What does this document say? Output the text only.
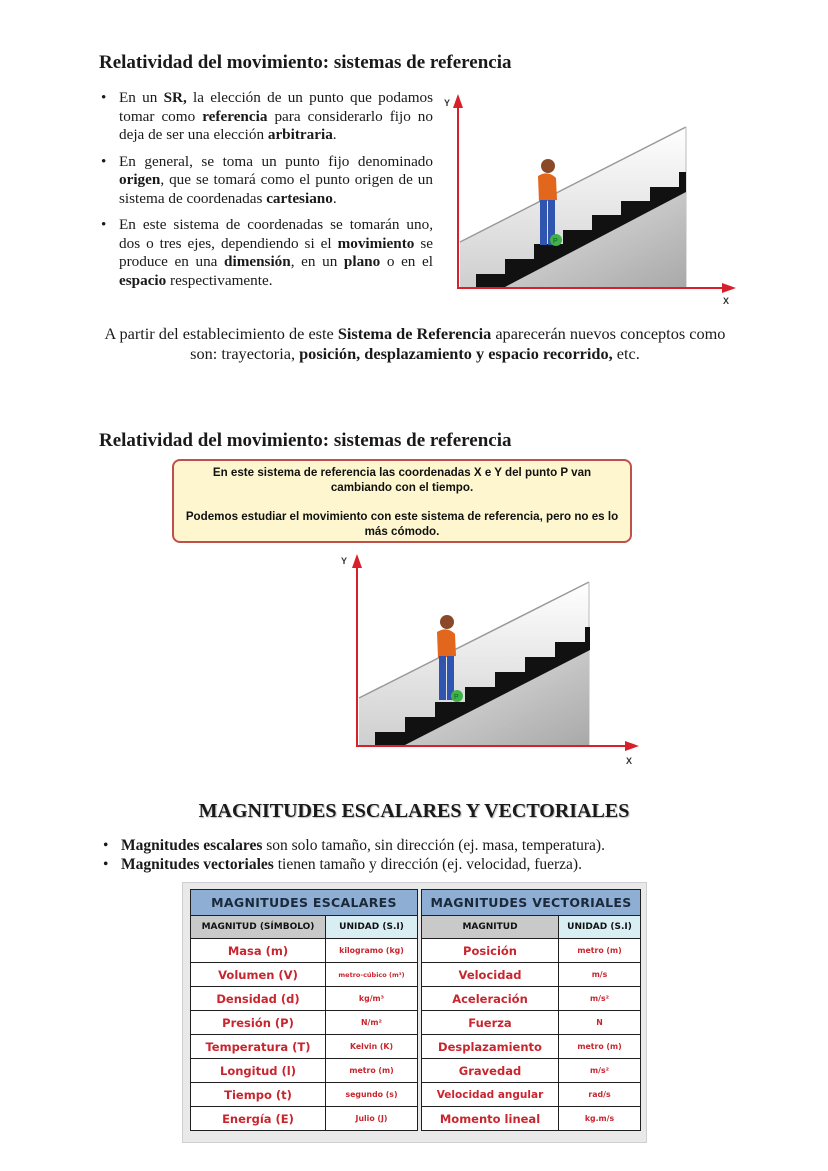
Relatividad del movimiento: sistemas de referencia
• En un SR, la elección de un punto que podamos tomar como referencia para considerarlo fijo no deja de ser una elección arbitraria.
• En general, se toma un punto fijo denominado origen, que se tomará como el punto origen de un sistema de coordenadas cartesiano.
• En este sistema de coordenadas se tomarán uno, dos o tres ejes, dependiendo si el movimiento se produce en una dimensión, en un plano o en el espacio respectivamente.
P
Y
X
A partir del establecimiento de este Sistema de Referencia aparecerán nuevos conceptos como son: trayectoria, posición, desplazamiento y espacio recorrido, etc.
Relatividad del movimiento: sistemas de referencia

En este sistema de referencia las coordenadas X e Y del punto P van cambiando con el tiempo.

Podemos estudiar el movimiento con este sistema de referencia, pero no es lo más cómodo.

P
Y
X
MAGNITUDES ESCALARES Y VECTORIALES
• Magnitudes escalares son solo tamaño, sin dirección (ej. masa, temperatura).
• Magnitudes vectoriales tienen tamaño y dirección (ej. velocidad, fuerza).
MAGNITUDES ESCALARES	
MAGNITUD (SÍMBOLO)	UNIDAD (S.I)
Masa (m)	kilogramo (kg)
Volumen (V)	metro-cúbico (m³)
Densidad (d)	kg/m³
Presión (P)	N/m²
Temperatura (T)	Kelvin (K)
Longitud (l)	metro (m)
Tiempo (t)	segundo (s)
Energía (E)	Julio (J)
MAGNITUDES VECTORIALES	
MAGNITUD	UNIDAD (S.I)
Posición	metro (m)
Velocidad	m/s
Aceleración	m/s²
Fuerza	N
Desplazamiento	metro (m)
Gravedad	m/s²
Velocidad angular	rad/s
Momento lineal	kg.m/s
